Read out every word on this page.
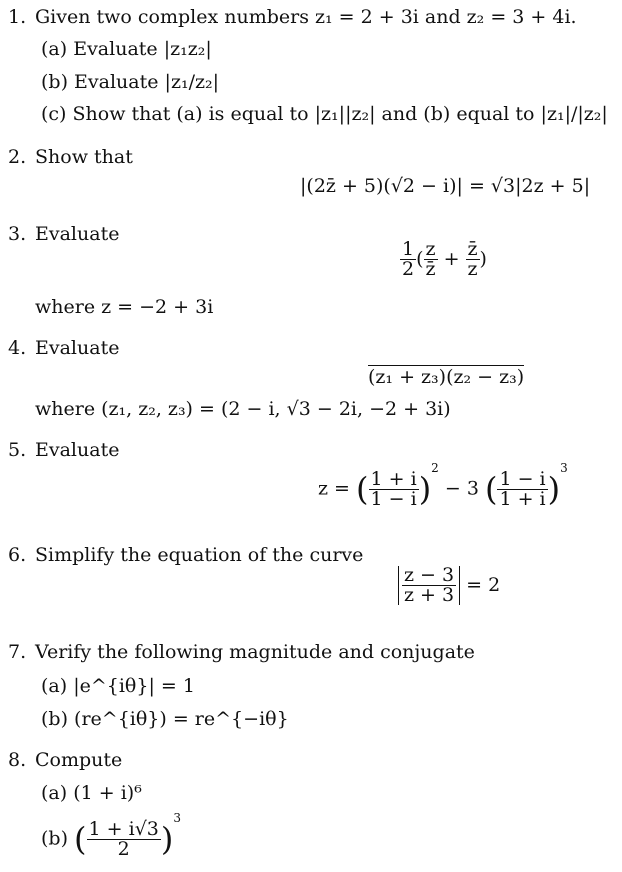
1. Given two complex numbers z₁ = 2 + 3i and z₂ = 3 + 4i.
(a) Evaluate |z₁z₂|
(b) Evaluate |z₁/z₂|
(c) Show that (a) is equal to |z₁||z₂| and (b) equal to |z₁|/|z₂|
2. Show that
|(2z̄ + 5)(√2 − i)| = √3|2z + 5|
3. Evaluate
$\frac{1}{2}$ ( $\frac{z}{z̄} + \frac{z̄}{z}$ )
where z = −2 + 3i
4. Evaluate
(z₁ + z₃)(z₂ − z₃)
where (z₁, z₂, z₃) = (2 − i, √3 − 2i, −2 + 3i)
5. Evaluate
z = ( $\frac{1 + i}{1 - i} )^2 - 3$ ( $\frac{1 - i}{1 + i} )^3$
6. Simplify the equation of the curve
$\frac{z - 3}{z + 3} = 2$
7. Verify the following magnitude and conjugate
(a) |e^{iθ}| = 1
(b) (re^{iθ}) = re^{−iθ}
8. Compute
(a) (1 + i)⁶
(b) ( $\frac{1 + i√3}{2} )^3$
